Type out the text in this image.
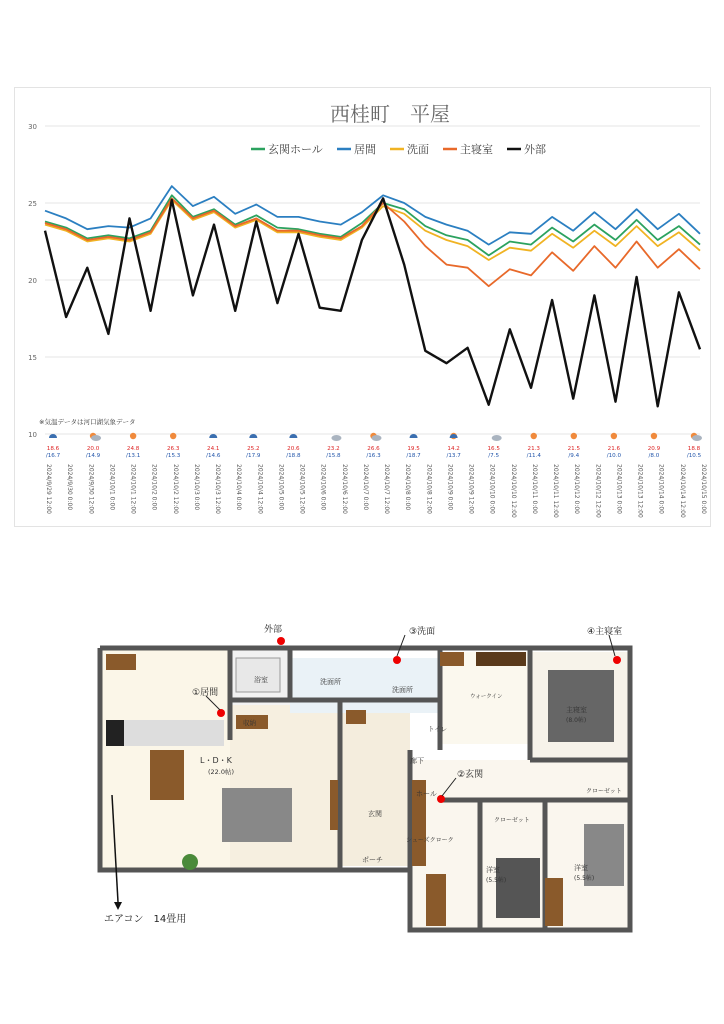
西桂町　平屋
玄関ホール	居間	洗面	主寝室	外部
10
15
20
25
30
※気温データは河口湖気象データ
18.6
/16.7
20.0
/14.9
24.8
/13.1
26.3
/15.3
24.1
/14.6
25.2
/17.9
20.6
/18.8
23.2
/15.8
26.6
/16.3
19.5
/18.7
14.2
/13.7
16.5
/7.5
21.3
/11.4
21.5
/9.4
21.6
/10.0
20.9
/8.0
18.8
/10.5
2024/9/29 12:00 2024/9/30 0:00 2024/9/30 12:00 2024/10/1 0:00 2024/10/1 12:00 2024/10/2 0:00 2024/10/2 12:00 2024/10/3 0:00 2024/10/3 12:00 2024/10/4 0:00 2024/10/4 12:00 2024/10/5 0:00 2024/10/5 12:00 2024/10/6 0:00 2024/10/6 12:00 2024/10/7 0:00 2024/10/7 12:00 2024/10/8 0:00 2024/10/8 12:00 2024/10/9 0:00 2024/10/9 12:00 2024/10/10 0:00 2024/10/10 12:00 2024/10/11 0:00 2024/10/11 12:00 2024/10/12 0:00 2024/10/12 12:00 2024/10/13 0:00 2024/10/13 12:00 2024/10/14 0:00 2024/10/14 12:00 2024/10/15 0:00
L・D・K
(22.0帖)
収納
浴室	洗面所
洗面所
ウォークイン
トイレ
廊下
ホール
玄関
シューズクローク
ポーチ
主寝室
(8.0帖)
クローゼット
クローゼット
洋室
(5.5帖)
洋室
(5.5帖)
外部
①居間
③洗面	④主寝室
②玄関
エアコン　14畳用
